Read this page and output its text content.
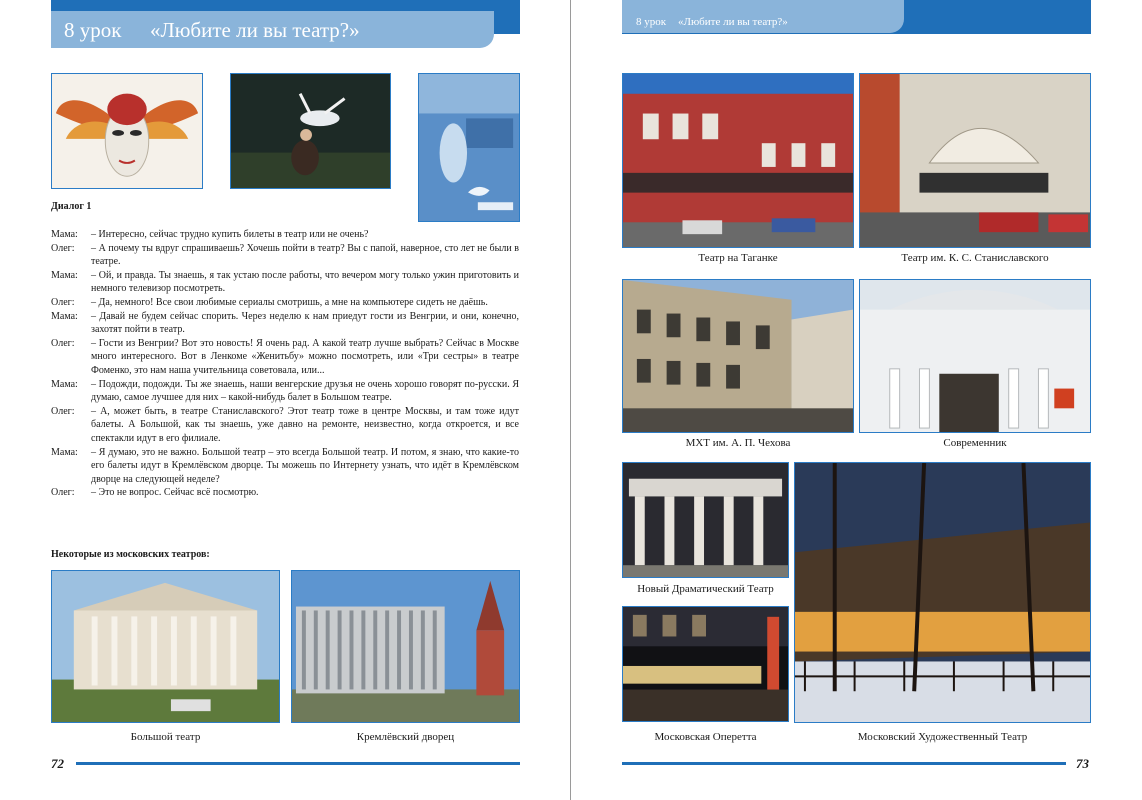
8 урок «Любите ли вы театр?»
Диалог 1
Мама:	– Интересно, сейчас трудно купить билеты в театр или не очень?
Олег:	– А почему ты вдруг спрашиваешь? Хочешь пойти в театр? Вы с папой, наверное, сто лет не были в театре.
Мама:	– Ой, и правда. Ты знаешь, я так устаю после работы, что вечером могу только ужин приготовить и немного телевизор посмотреть.
Олег:	– Да, немного! Все свои любимые сериалы смотришь, а мне на компьютере сидеть не даёшь.
Мама:	– Давай не будем сейчас спорить. Через неделю к нам приедут гости из Венгрии, и они, конечно, захотят пойти в театр.
Олег:	– Гости из Венгрии? Вот это новость! Я очень рад. А какой театр лучше выбрать? Сейчас в Москве много интересного. Вот в Ленкоме «Женитьбу» можно посмотреть, или «Три сестры» в театре Фоменко, это нам наша учительница советовала, или...
Мама:	– Подожди, подожди. Ты же знаешь, наши венгерские друзья не очень хорошо говорят по-русски. Я думаю, самое лучшее для них – какой-нибудь балет в Большом театре.
Олег:	– А, может быть, в театре Станиславского? Этот театр тоже в центре Москвы, и там тоже идут балеты. А Большой, как ты знаешь, уже давно на ремонте, неизвестно, когда откроется, и все спектакли идут в его филиале.
Мама:	– Я думаю, это не важно. Большой театр – это всегда Большой театр. И потом, я знаю, что какие-то его балеты идут в Кремлёвском дворце. Ты можешь по Интернету узнать, что идёт в Кремлёвском дворце на следующей неделе?
Олег:	– Это не вопрос. Сейчас всё посмотрю.
Некоторые из московских театров:
Большой театр	Кремлёвский дворец
72
8 урок «Любите ли вы театр?»
Театр на Таганке	Театр им. К. С. Станиславского
МХТ им. А. П. Чехова	Современник
Новый Драматический Театр
Московская Оперетта	Московский Художественный Театр
73
